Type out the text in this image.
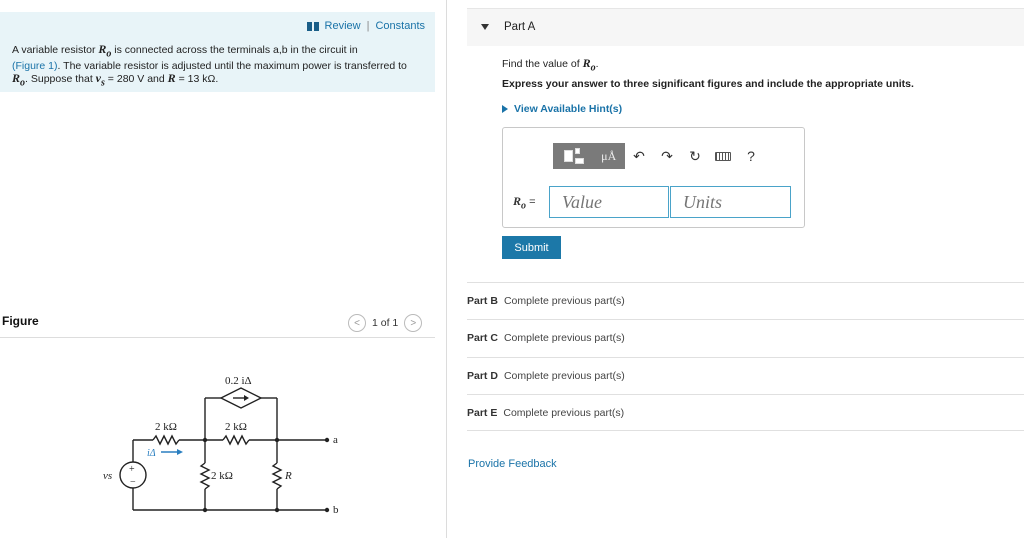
Review | Constants
A variable resistor $R_o$ is connected across the terminals a,b in the circuit in
(Figure 1). The variable resistor is adjusted until the maximum power is transferred to
$R_o$. Suppose that $v_s = 280$ V and R = 13 kΩ.
Figure	<	1 of 1	>
0.2 iΔ
2 kΩ	2 kΩ
2 kΩ	R
iΔ
vs
+
−
a
b
Part A
Find the value of $R_o$.
Express your answer to three significant figures and include the appropriate units.
View Available Hint(s)
μÅ	↶	↷	↻	?
$R_o$ =
Value
Units
Submit
Part B Complete previous part(s)
Part C Complete previous part(s)
Part D Complete previous part(s)
Part E Complete previous part(s)
Provide Feedback
